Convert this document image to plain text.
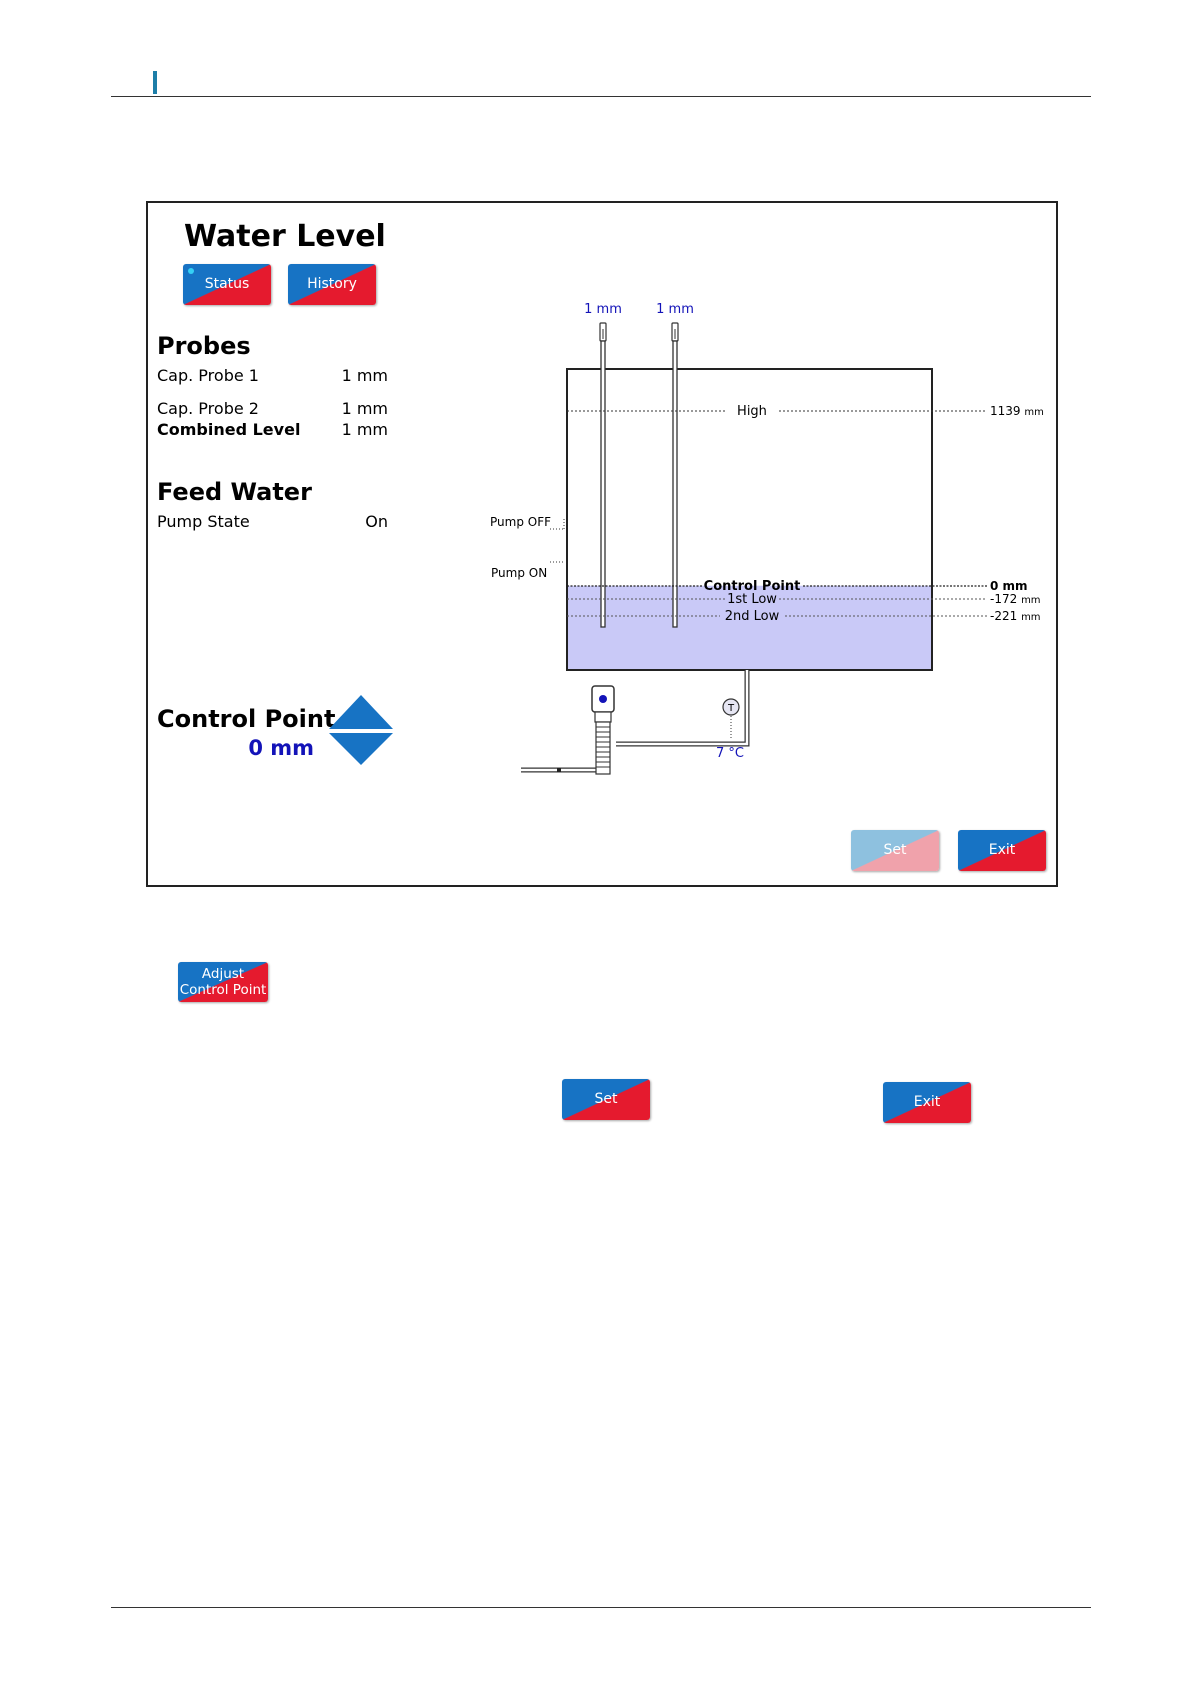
Water Level
Status	History
Probes
Cap. Probe 1	1 mm
Cap. Probe 2	1 mm
Combined Level	1 mm
Feed Water
Pump State	On
Control Point
0 mm
1 mm	1 mm
High	1139 mm
Pump OFF
Pump ON
Control Point	0 mm
1st Low	-172 mm
2nd Low	-221 mm
T
7 °C
Set	Exit
Adjust
Control Point
Set	Exit
